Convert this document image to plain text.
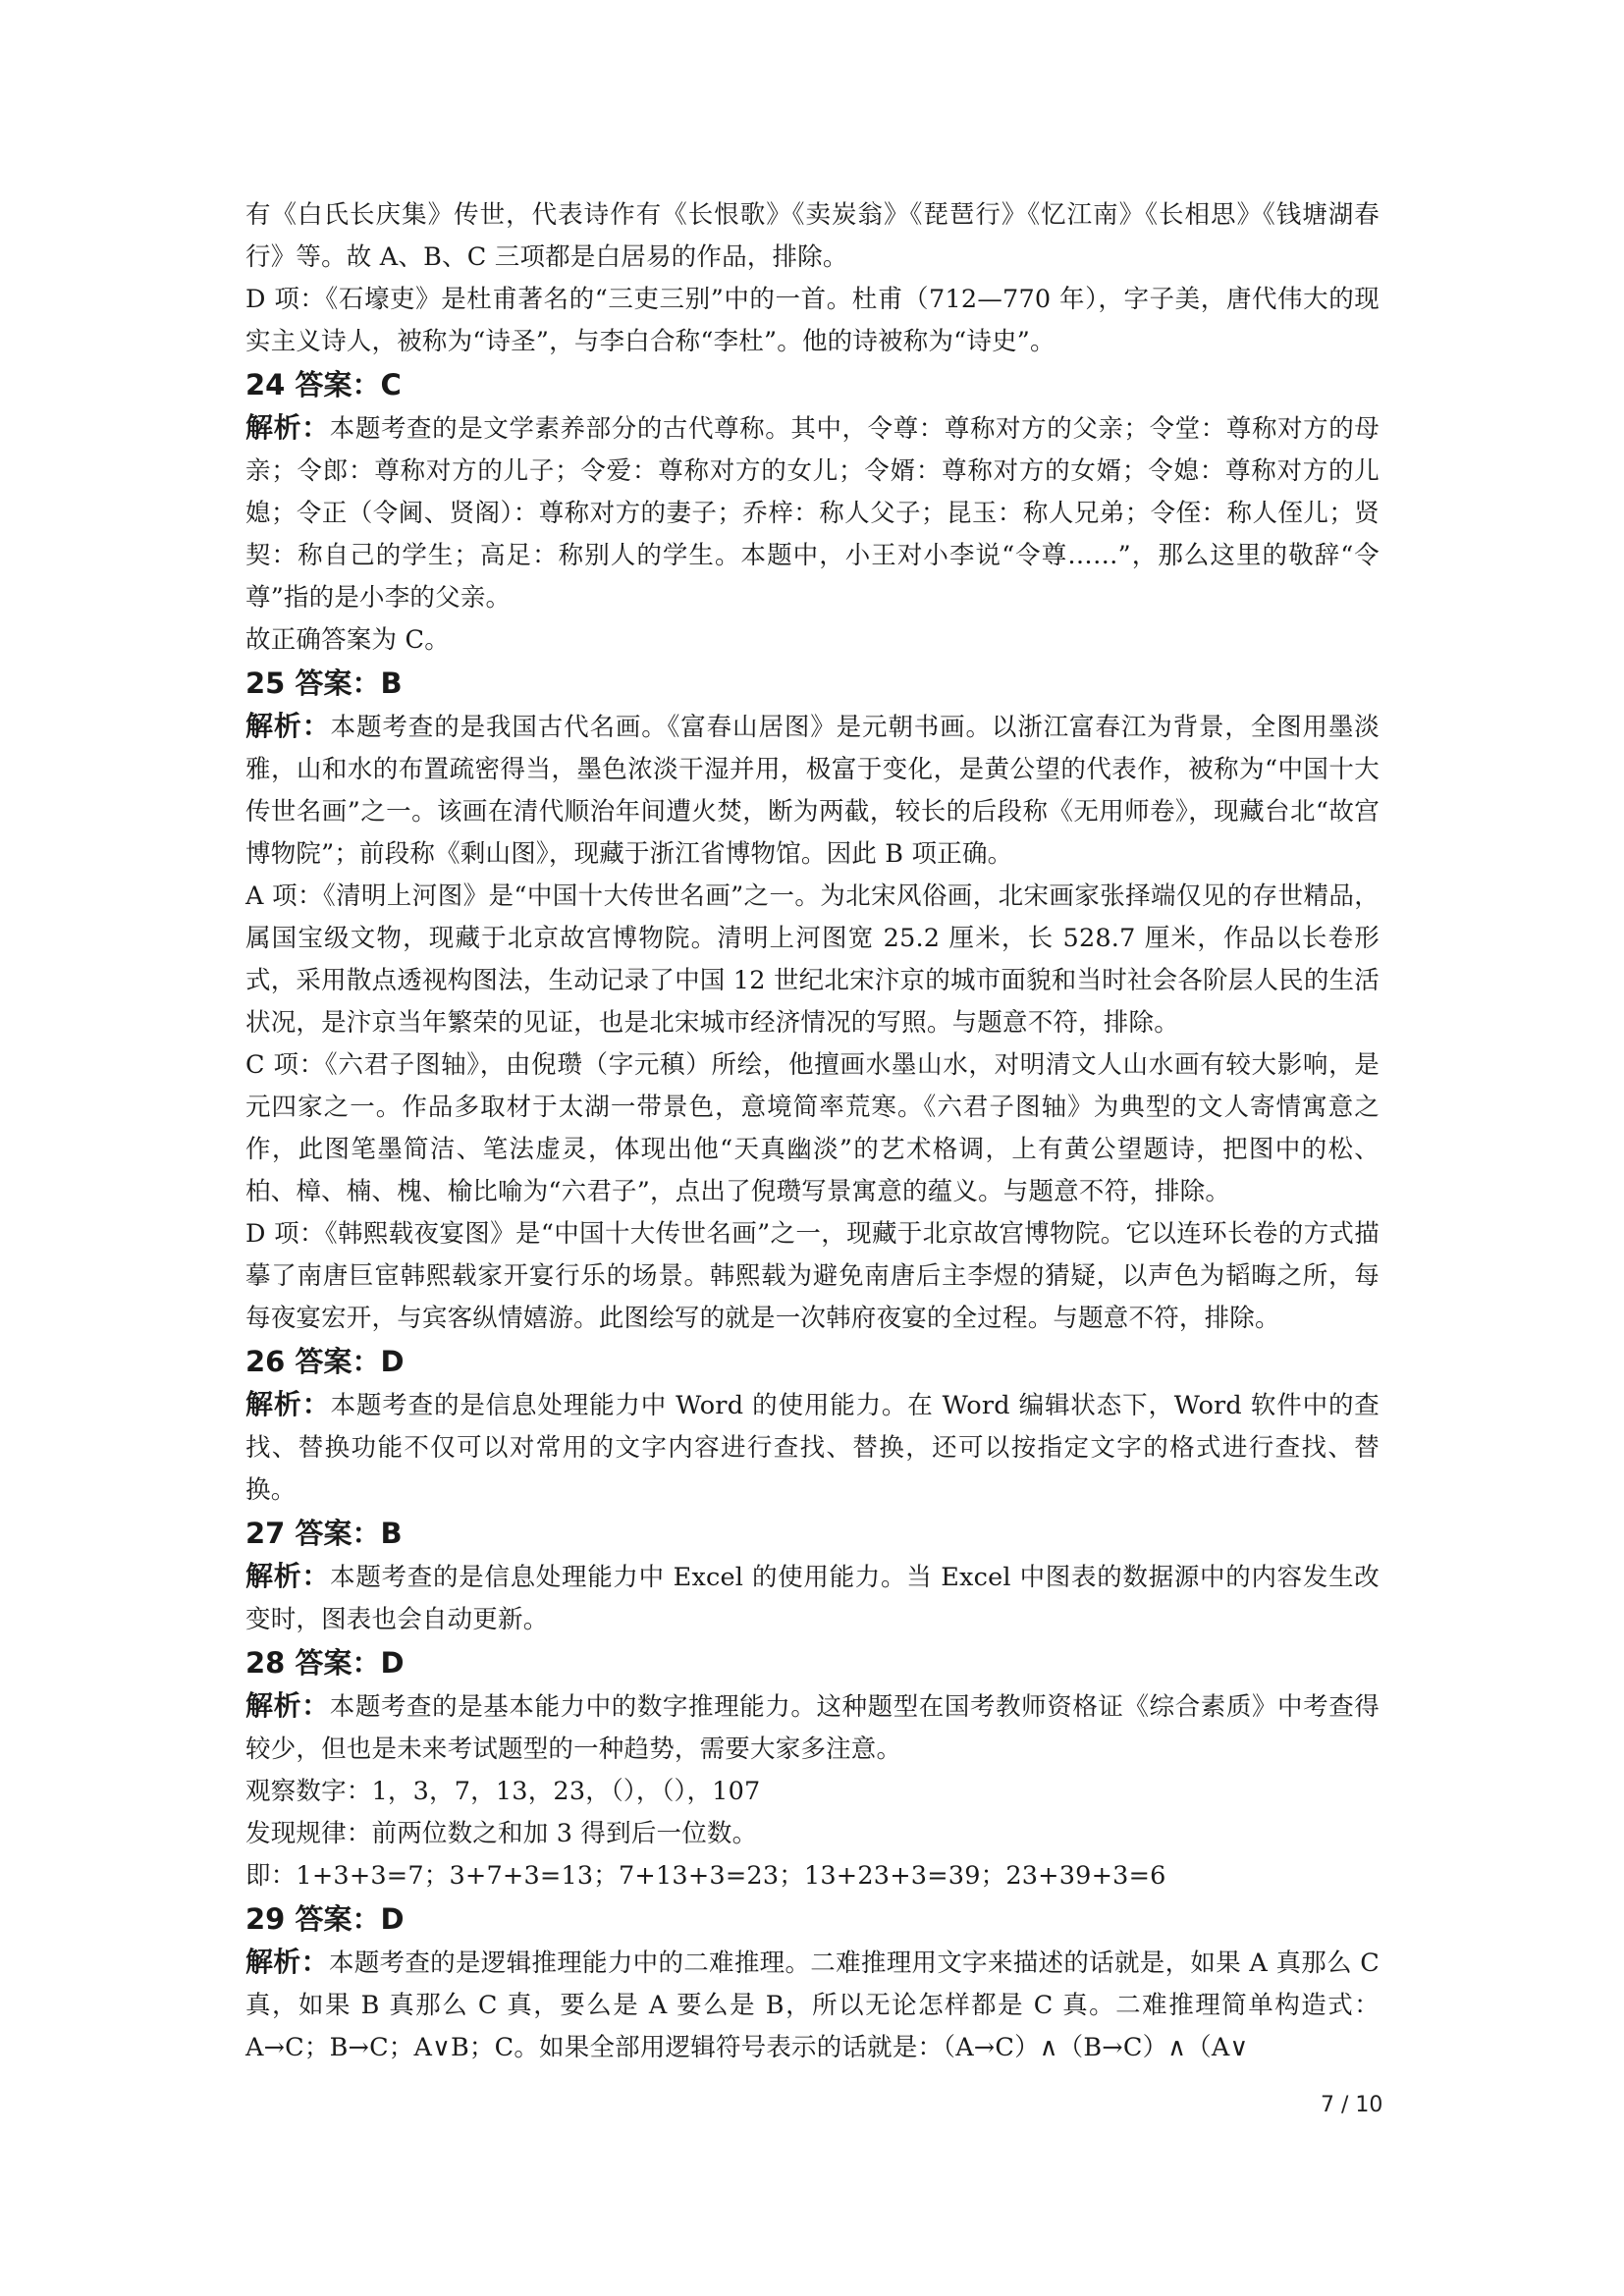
有《白氏长庆集》传世，代表诗作有《长恨歌》《卖炭翁》《琵琶行》《忆江南》《长相思》《钱塘湖春行》等。故 A、B、C 三项都是白居易的作品，排除。

D 项：《石壕吏》是杜甫著名的“三吏三别”中的一首。杜甫（712—770 年），字子美，唐代伟大的现实主义诗人，被称为“诗圣”，与李白合称“李杜”。他的诗被称为“诗史”。

24 答案：C

解析：本题考查的是文学素养部分的古代尊称。其中，令尊：尊称对方的父亲；令堂：尊称对方的母亲；令郎：尊称对方的儿子；令爱：尊称对方的女儿；令婿：尊称对方的女婿；令媳：尊称对方的儿媳；令正（令阃、贤阁）：尊称对方的妻子；乔梓：称人父子；昆玉：称人兄弟；令侄：称人侄儿；贤契：称自己的学生；高足：称别人的学生。本题中，小王对小李说“令尊……”，那么这里的敬辞“令尊”指的是小李的父亲。

故正确答案为 C。

25 答案：B

解析：本题考查的是我国古代名画。《富春山居图》是元朝书画。以浙江富春江为背景，全图用墨淡雅，山和水的布置疏密得当，墨色浓淡干湿并用，极富于变化，是黄公望的代表作，被称为“中国十大传世名画”之一。该画在清代顺治年间遭火焚，断为两截，较长的后段称《无用师卷》，现藏台北“故宫博物院”；前段称《剩山图》，现藏于浙江省博物馆。因此 B 项正确。

A 项：《清明上河图》是“中国十大传世名画”之一。为北宋风俗画，北宋画家张择端仅见的存世精品，属国宝级文物，现藏于北京故宫博物院。清明上河图宽 25.2 厘米，长 528.7 厘米，作品以长卷形式，采用散点透视构图法，生动记录了中国 12 世纪北宋汴京的城市面貌和当时社会各阶层人民的生活状况，是汴京当年繁荣的见证，也是北宋城市经济情况的写照。与题意不符，排除。

C 项：《六君子图轴》，由倪瓒（字元稹）所绘，他擅画水墨山水，对明清文人山水画有较大影响，是元四家之一。作品多取材于太湖一带景色，意境简率荒寒。《六君子图轴》为典型的文人寄情寓意之作，此图笔墨简洁、笔法虚灵，体现出他“天真幽淡”的艺术格调，上有黄公望题诗，把图中的松、柏、樟、楠、槐、榆比喻为“六君子”，点出了倪瓒写景寓意的蕴义。与题意不符，排除。

D 项：《韩熙载夜宴图》是“中国十大传世名画”之一，现藏于北京故宫博物院。它以连环长卷的方式描摹了南唐巨宦韩熙载家开宴行乐的场景。韩熙载为避免南唐后主李煜的猜疑，以声色为韬晦之所，每每夜宴宏开，与宾客纵情嬉游。此图绘写的就是一次韩府夜宴的全过程。与题意不符，排除。

26 答案：D

解析：本题考查的是信息处理能力中 Word 的使用能力。在 Word 编辑状态下，Word 软件中的查找、替换功能不仅可以对常用的文字内容进行查找、替换，还可以按指定文字的格式进行查找、替换。

27 答案：B

解析：本题考查的是信息处理能力中 Excel 的使用能力。当 Excel 中图表的数据源中的内容发生改变时，图表也会自动更新。

28 答案：D

解析：本题考查的是基本能力中的数字推理能力。这种题型在国考教师资格证《综合素质》中考查得较少，但也是未来考试题型的一种趋势，需要大家多注意。

观察数字：1，3，7，13，23，（），（），107

发现规律：前两位数之和加 3 得到后一位数。

即：1+3+3=7；3+7+3=13；7+13+3=23；13+23+3=39；23+39+3=6

29 答案：D

解析：本题考查的是逻辑推理能力中的二难推理。二难推理用文字来描述的话就是，如果 A 真那么 C 真，如果 B 真那么 C 真，要么是 A 要么是 B，所以无论怎样都是 C 真。二难推理简单构造式：A→C；B→C；A∨B；C。如果全部用逻辑符号表示的话就是：（A→C）∧（B→C）∧（A∨

7 / 10
